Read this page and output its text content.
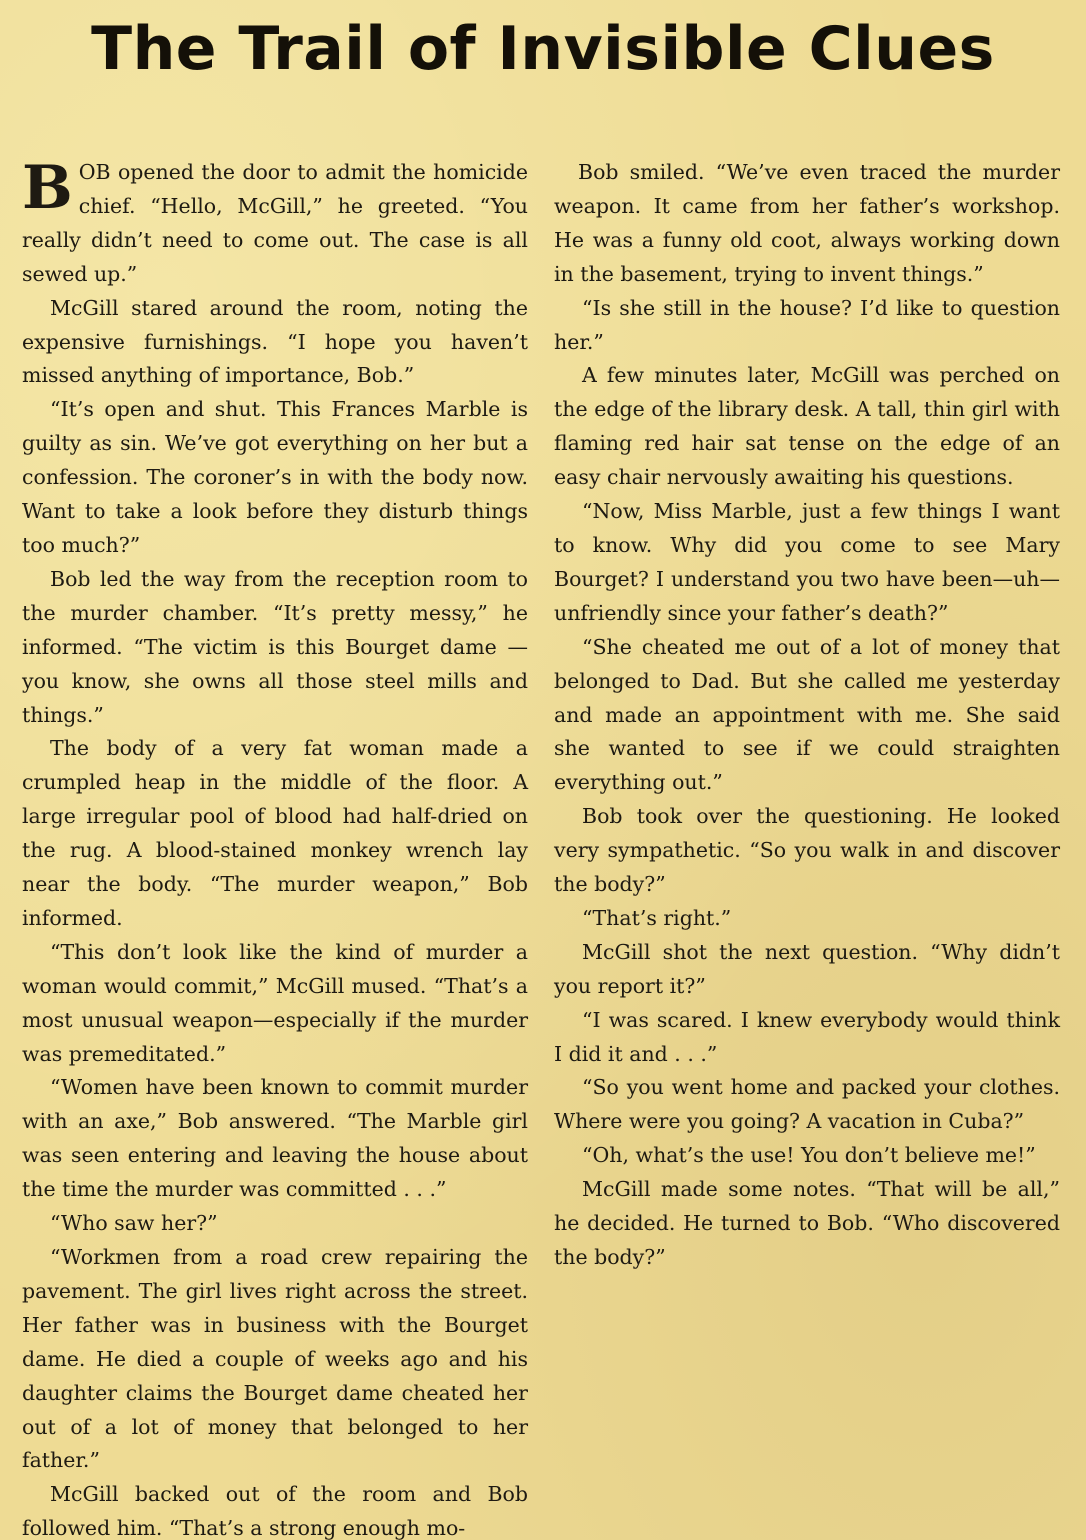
The Trail of Invisible Clues

BOB opened the door to admit the homicide chief. “Hello, McGill,” he greeted. “You really didn’t need to come out. The case is all sewed up.”

McGill stared around the room, noting the expensive furnishings. “I hope you haven’t missed anything of importance, Bob.”

“It’s open and shut. This Frances Marble is guilty as sin. We’ve got everything on her but a confession. The coroner’s in with the body now. Want to take a look before they disturb things too much?”

Bob led the way from the reception room to the murder chamber. “It’s pretty messy,” he informed. “The victim is this Bourget dame —you know, she owns all those steel mills and things.”

The body of a very fat woman made a crumpled heap in the middle of the floor. A large irregular pool of blood had half-dried on the rug. A blood-stained monkey wrench lay near the body. “The murder weapon,” Bob informed.

“This don’t look like the kind of murder a woman would commit,” McGill mused. “That’s a most unusual weapon—especially if the murder was premeditated.”

“Women have been known to commit murder with an axe,” Bob answered. “The Marble girl was seen entering and leaving the house about the time the murder was committed . . .”

“Who saw her?”

“Workmen from a road crew repairing the pavement. The girl lives right across the street. Her father was in business with the Bourget dame. He died a couple of weeks ago and his daughter claims the Bourget dame cheated her out of a lot of money that belonged to her father.”

McGill backed out of the room and Bob followed him. “That’s a strong enough mo-

Bob smiled. “We’ve even traced the murder weapon. It came from her father’s workshop. He was a funny old coot, always working down in the basement, trying to invent things.”

“Is she still in the house? I’d like to question her.”

A few minutes later, McGill was perched on the edge of the library desk. A tall, thin girl with flaming red hair sat tense on the edge of an easy chair nervously awaiting his questions.

“Now, Miss Marble, just a few things I want to know. Why did you come to see Mary Bourget? I understand you two have been—uh—unfriendly since your father’s death?”

“She cheated me out of a lot of money that belonged to Dad. But she called me yesterday and made an appointment with me. She said she wanted to see if we could straighten everything out.”

Bob took over the questioning. He looked very sympathetic. “So you walk in and discover the body?”

“That’s right.”

McGill shot the next question. “Why didn’t you report it?”

“I was scared. I knew everybody would think I did it and . . .”

“So you went home and packed your clothes. Where were you going? A vacation in Cuba?”

“Oh, what’s the use! You don’t believe me!”

McGill made some notes. “That will be all,” he decided. He turned to Bob. “Who discovered the body?”
